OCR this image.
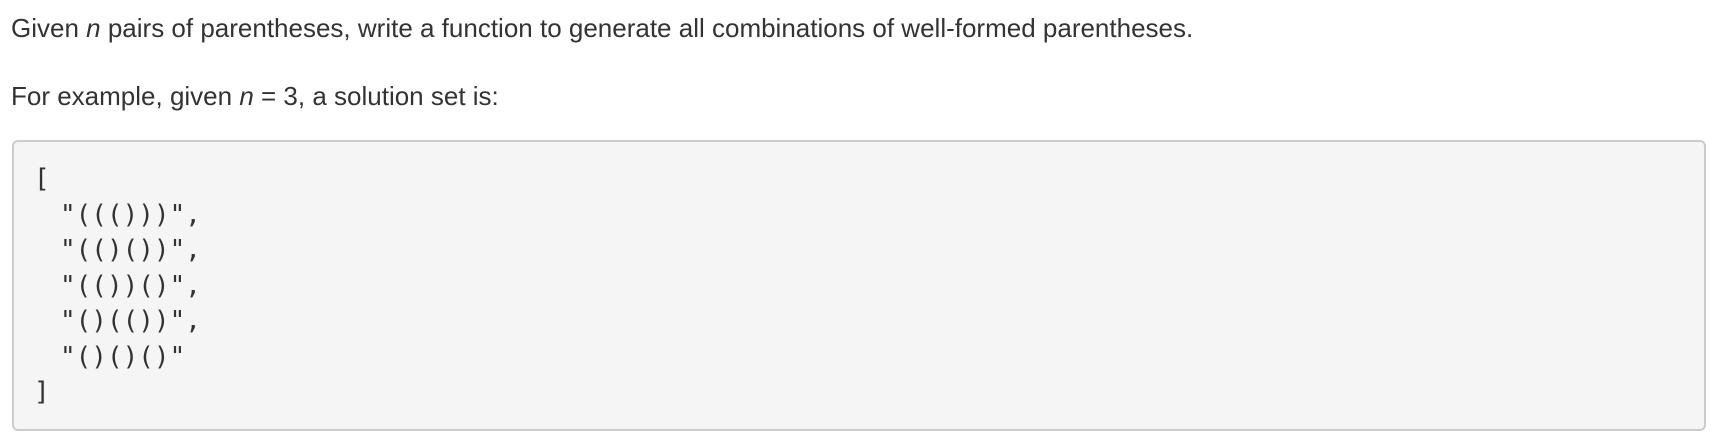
Given n pairs of parentheses, write a function to generate all combinations of well-formed parentheses.

For example, given n = 3, a solution set is:

[
"((()))",
"(()())",
"(())()",
"()(())",
"()()()"
]
